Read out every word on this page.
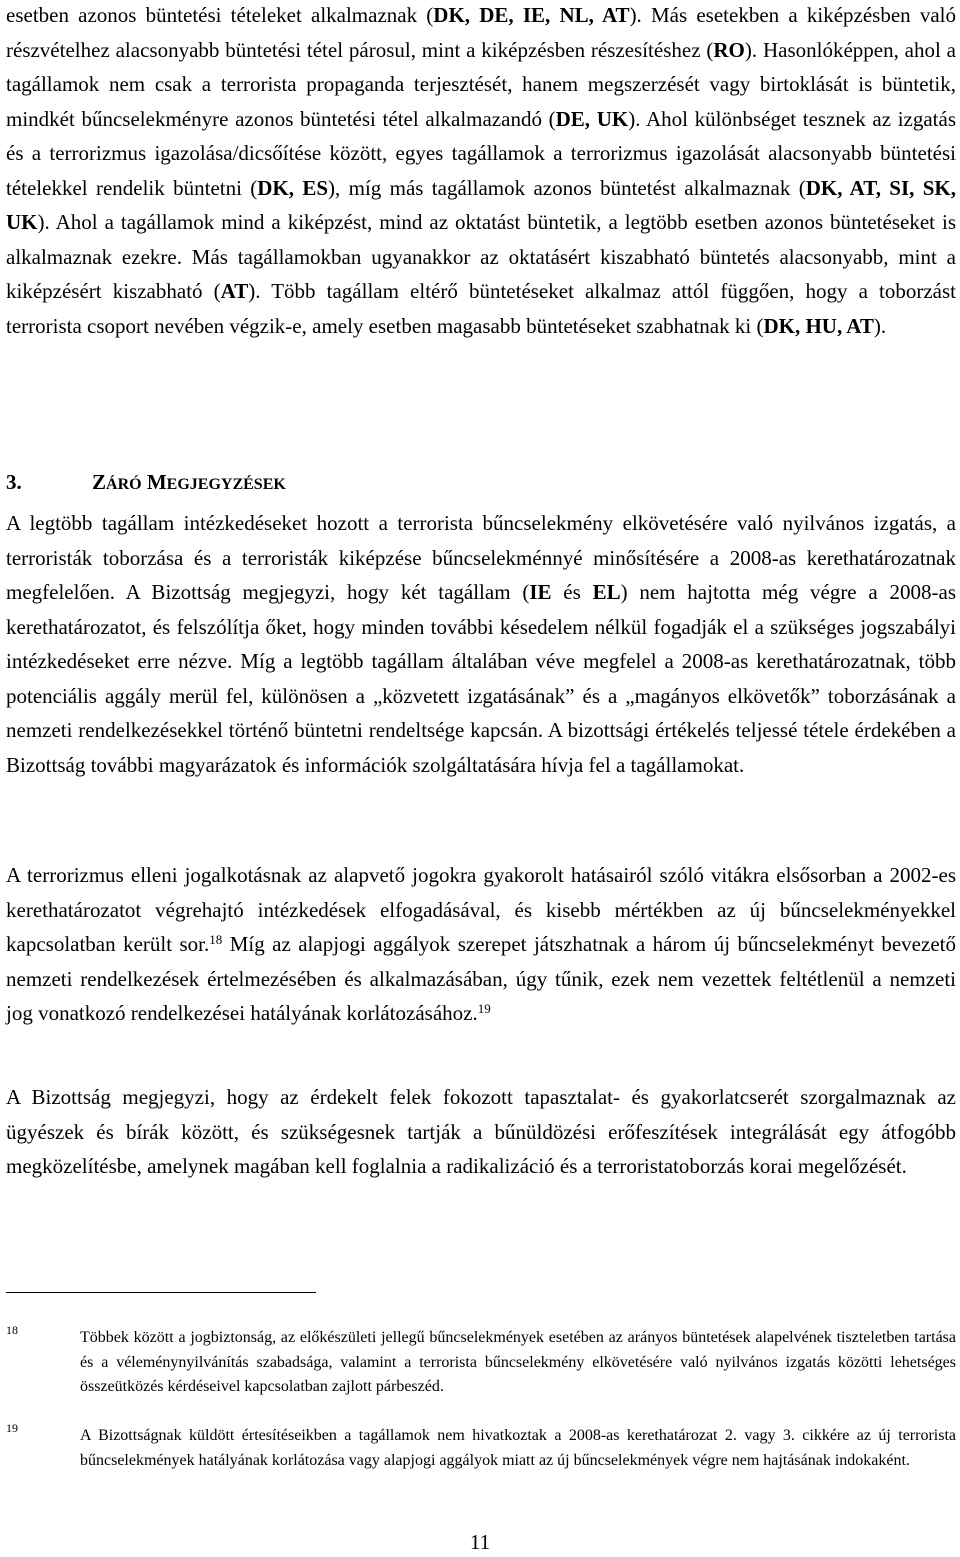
esetben azonos büntetési tételeket alkalmaznak (DK, DE, IE, NL, AT). Más esetekben a kiképzésben való részvételhez alacsonyabb büntetési tétel párosul, mint a kiképzésben részesítéshez (RO). Hasonlóképpen, ahol a tagállamok nem csak a terrorista propaganda terjesztését, hanem megszerzését vagy birtoklását is büntetik, mindkét bűncselekményre azonos büntetési tétel alkalmazandó (DE, UK). Ahol különbséget tesznek az izgatás és a terrorizmus igazolása/dicsőítése között, egyes tagállamok a terrorizmus igazolását alacsonyabb büntetési tételekkel rendelik büntetni (DK, ES), míg más tagállamok azonos büntetést alkalmaznak (DK, AT, SI, SK, UK). Ahol a tagállamok mind a kiképzést, mind az oktatást büntetik, a legtöbb esetben azonos büntetéseket is alkalmaznak ezekre. Más tagállamokban ugyanakkor az oktatásért kiszabható büntetés alacsonyabb, mint a kiképzésért kiszabható (AT). Több tagállam eltérő büntetéseket alkalmaz attól függően, hogy a toborzást terrorista csoport nevében végzik-e, amely esetben magasabb büntetéseket szabhatnak ki (DK, HU, AT).

3.	ZÁRÓ MEGJEGYZÉSEK

A legtöbb tagállam intézkedéseket hozott a terrorista bűncselekmény elkövetésére való nyilvános izgatás, a terroristák toborzása és a terroristák kiképzése bűncselekménnyé minősítésére a 2008-as kerethatározatnak megfelelően. A Bizottság megjegyzi, hogy két tagállam (IE és EL) nem hajtotta még végre a 2008-as kerethatározatot, és felszólítja őket, hogy minden további késedelem nélkül fogadják el a szükséges jogszabályi intézkedéseket erre nézve. Míg a legtöbb tagállam általában véve megfelel a 2008-as kerethatározatnak, több potenciális aggály merül fel, különösen a „közvetett izgatásának” és a „magányos elkövetők” toborzásának a nemzeti rendelkezésekkel történő büntetni rendeltsége kapcsán. A bizottsági értékelés teljessé tétele érdekében a Bizottság további magyarázatok és információk szolgáltatására hívja fel a tagállamokat.

A terrorizmus elleni jogalkotásnak az alapvető jogokra gyakorolt hatásairól szóló vitákra elsősorban a 2002-es kerethatározatot végrehajtó intézkedések elfogadásával, és kisebb mértékben az új bűncselekményekkel kapcsolatban került sor.$^{18}$ Míg az alapjogi aggályok szerepet játszhatnak a három új bűncselekményt bevezető nemzeti rendelkezések értelmezésében és alkalmazásában, úgy tűnik, ezek nem vezettek feltétlenül a nemzeti jog vonatkozó rendelkezései hatályának korlátozásához.$^{19}$

A Bizottság megjegyzi, hogy az érdekelt felek fokozott tapasztalat- és gyakorlatcserét szorgalmaznak az ügyészek és bírák között, és szükségesnek tartják a bűnüldözési erőfeszítések integrálását egy átfogóbb megközelítésbe, amelynek magában kell foglalnia a radikalizáció és a terroristatoborzás korai megelőzését.

18	Többek között a jogbiztonság, az előkészületi jellegű bűncselekmények esetében az arányos büntetések alapelvének tiszteletben tartása és a véleménynyilvánítás szabadsága, valamint a terrorista bűncselekmény elkövetésére való nyilvános izgatás közötti lehetséges összeütközés kérdéseivel kapcsolatban zajlott párbeszéd.
19	A Bizottságnak küldött értesítéseikben a tagállamok nem hivatkoztak a 2008-as kerethatározat 2. vagy 3. cikkére az új terrorista bűncselekmények hatályának korlátozása vagy alapjogi aggályok miatt az új bűncselekmények végre nem hajtásának indokaként.
11
